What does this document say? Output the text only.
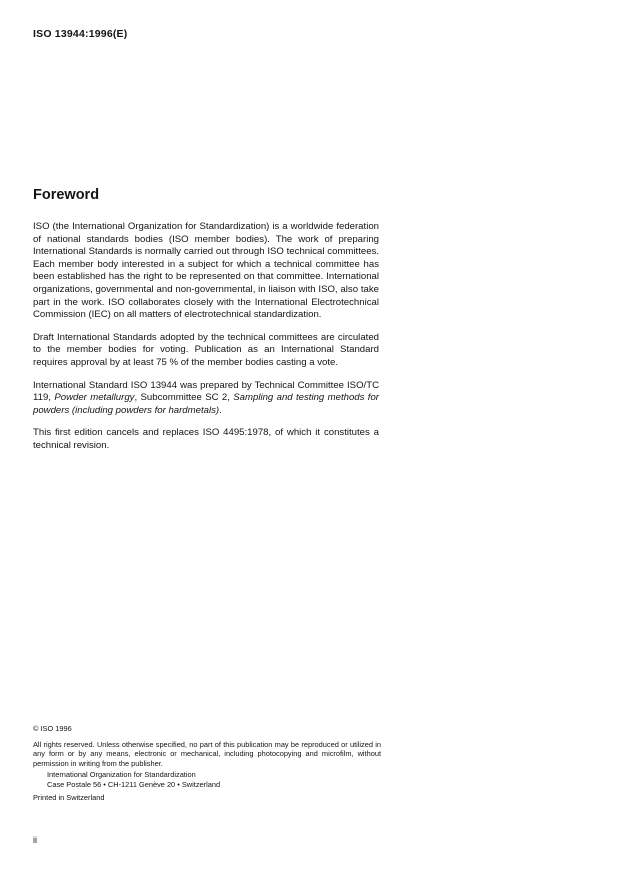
ISO 13944:1996(E)
Foreword

ISO (the International Organization for Standardization) is a worldwide federation of national standards bodies (ISO member bodies). The work of preparing International Standards is normally carried out through ISO technical committees. Each member body interested in a subject for which a technical committee has been established has the right to be represented on that committee. International organizations, governmental and non-governmental, in liaison with ISO, also take part in the work. ISO collaborates closely with the International Electrotechnical Commission (IEC) on all matters of electrotechnical standardization.

Draft International Standards adopted by the technical committees are circulated to the member bodies for voting. Publication as an International Standard requires approval by at least 75 % of the member bodies casting a vote.

International Standard ISO 13944 was prepared by Technical Committee ISO/TC 119, Powder metallurgy, Subcommittee SC 2, Sampling and testing methods for powders (including powders for hardmetals).

This first edition cancels and replaces ISO 4495:1978, of which it constitutes a technical revision.

© ISO 1996
All rights reserved. Unless otherwise specified, no part of this publication may be reproduced or utilized in any form or by any means, electronic or mechanical, including photocopying and microfilm, without permission in writing from the publisher.
International Organization for Standardization
Case Postale 56 • CH-1211 Genève 20 • Switzerland
Printed in Switzerland
ii
